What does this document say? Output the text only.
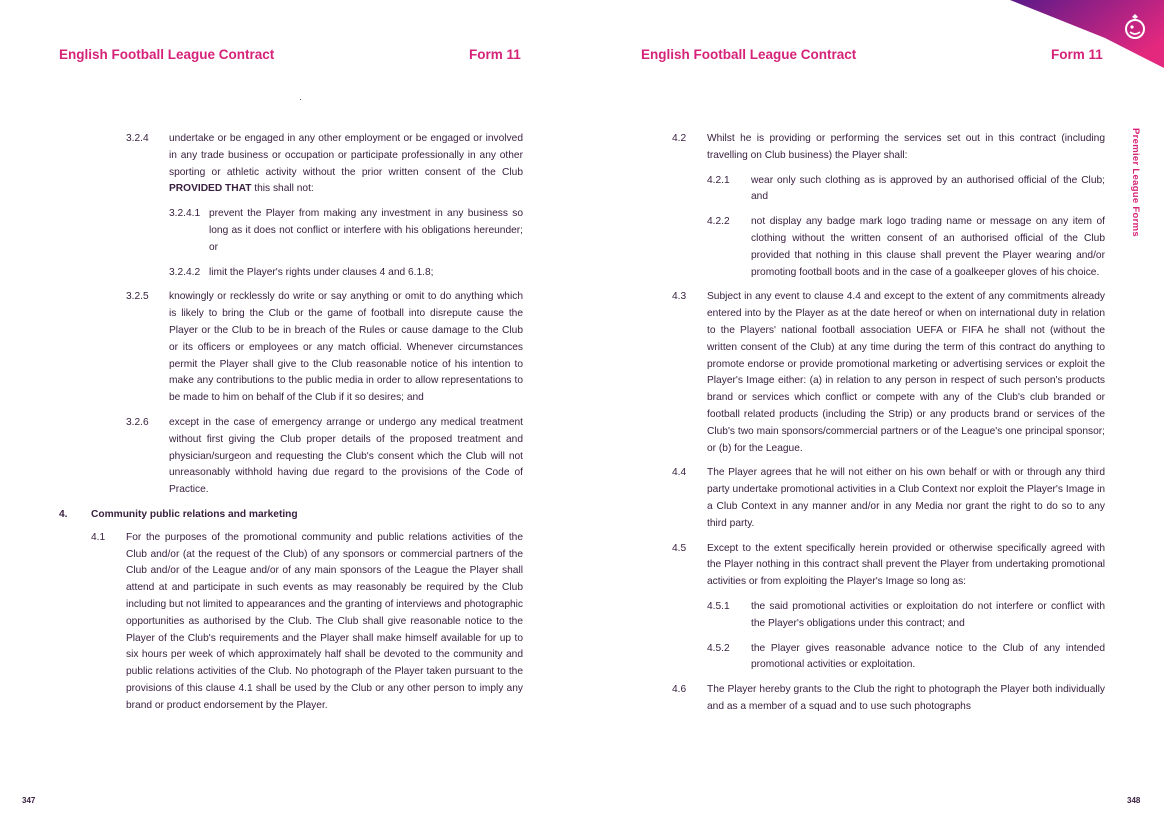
Premier League Forms
English Football League Contract	Form 11	English Football League Contract	Form 11
3.2.4	undertake or be engaged in any other employment or be engaged or involved in any trade business or occupation or participate professionally in any other sporting or athletic activity without the prior written consent of the Club PROVIDED THAT this shall not:
3.2.4.1 prevent the Player from making any investment in any business so long as it does not conflict or interfere with his obligations hereunder; or
3.2.4.2 limit the Player's rights under clauses 4 and 6.1.8;
3.2.5	knowingly or recklessly do write or say anything or omit to do anything which is likely to bring the Club or the game of football into disrepute cause the Player or the Club to be in breach of the Rules or cause damage to the Club or its officers or employees or any match official. Whenever circumstances permit the Player shall give to the Club reasonable notice of his intention to make any contributions to the public media in order to allow representations to be made to him on behalf of the Club if it so desires; and
3.2.6	except in the case of emergency arrange or undergo any medical treatment without first giving the Club proper details of the proposed treatment and physician/surgeon and requesting the Club's consent which the Club will not unreasonably withhold having due regard to the provisions of the Code of Practice.
4.	Community public relations and marketing
4.1	For the purposes of the promotional community and public relations activities of the Club and/or (at the request of the Club) of any sponsors or commercial partners of the Club and/or of the League and/or of any main sponsors of the League the Player shall attend at and participate in such events as may reasonably be required by the Club including but not limited to appearances and the granting of interviews and photographic opportunities as authorised by the Club. The Club shall give reasonable notice to the Player of the Club's requirements and the Player shall make himself available for up to six hours per week of which approximately half shall be devoted to the community and public relations activities of the Club. No photograph of the Player taken pursuant to the provisions of this clause 4.1 shall be used by the Club or any other person to imply any brand or product endorsement by the Player.
4.2	Whilst he is providing or performing the services set out in this contract (including travelling on Club business) the Player shall:
4.2.1	wear only such clothing as is approved by an authorised official of the Club; and
4.2.2	not display any badge mark logo trading name or message on any item of clothing without the written consent of an authorised official of the Club provided that nothing in this clause shall prevent the Player wearing and/or promoting football boots and in the case of a goalkeeper gloves of his choice.
4.3	Subject in any event to clause 4.4 and except to the extent of any commitments already entered into by the Player as at the date hereof or when on international duty in relation to the Players' national football association UEFA or FIFA he shall not (without the written consent of the Club) at any time during the term of this contract do anything to promote endorse or provide promotional marketing or advertising services or exploit the Player's Image either: (a) in relation to any person in respect of such person's products brand or services which conflict or compete with any of the Club's club branded or football related products (including the Strip) or any products brand or services of the Club's two main sponsors/commercial partners or of the League's one principal sponsor; or (b) for the League.
4.4	The Player agrees that he will not either on his own behalf or with or through any third party undertake promotional activities in a Club Context nor exploit the Player's Image in a Club Context in any manner and/or in any Media nor grant the right to do so to any third party.
4.5	Except to the extent specifically herein provided or otherwise specifically agreed with the Player nothing in this contract shall prevent the Player from undertaking promotional activities or from exploiting the Player's Image so long as:
4.5.1	the said promotional activities or exploitation do not interfere or conflict with the Player's obligations under this contract; and
4.5.2	the Player gives reasonable advance notice to the Club of any intended promotional activities or exploitation.
4.6	The Player hereby grants to the Club the right to photograph the Player both individually and as a member of a squad and to use such photographs
347	348
